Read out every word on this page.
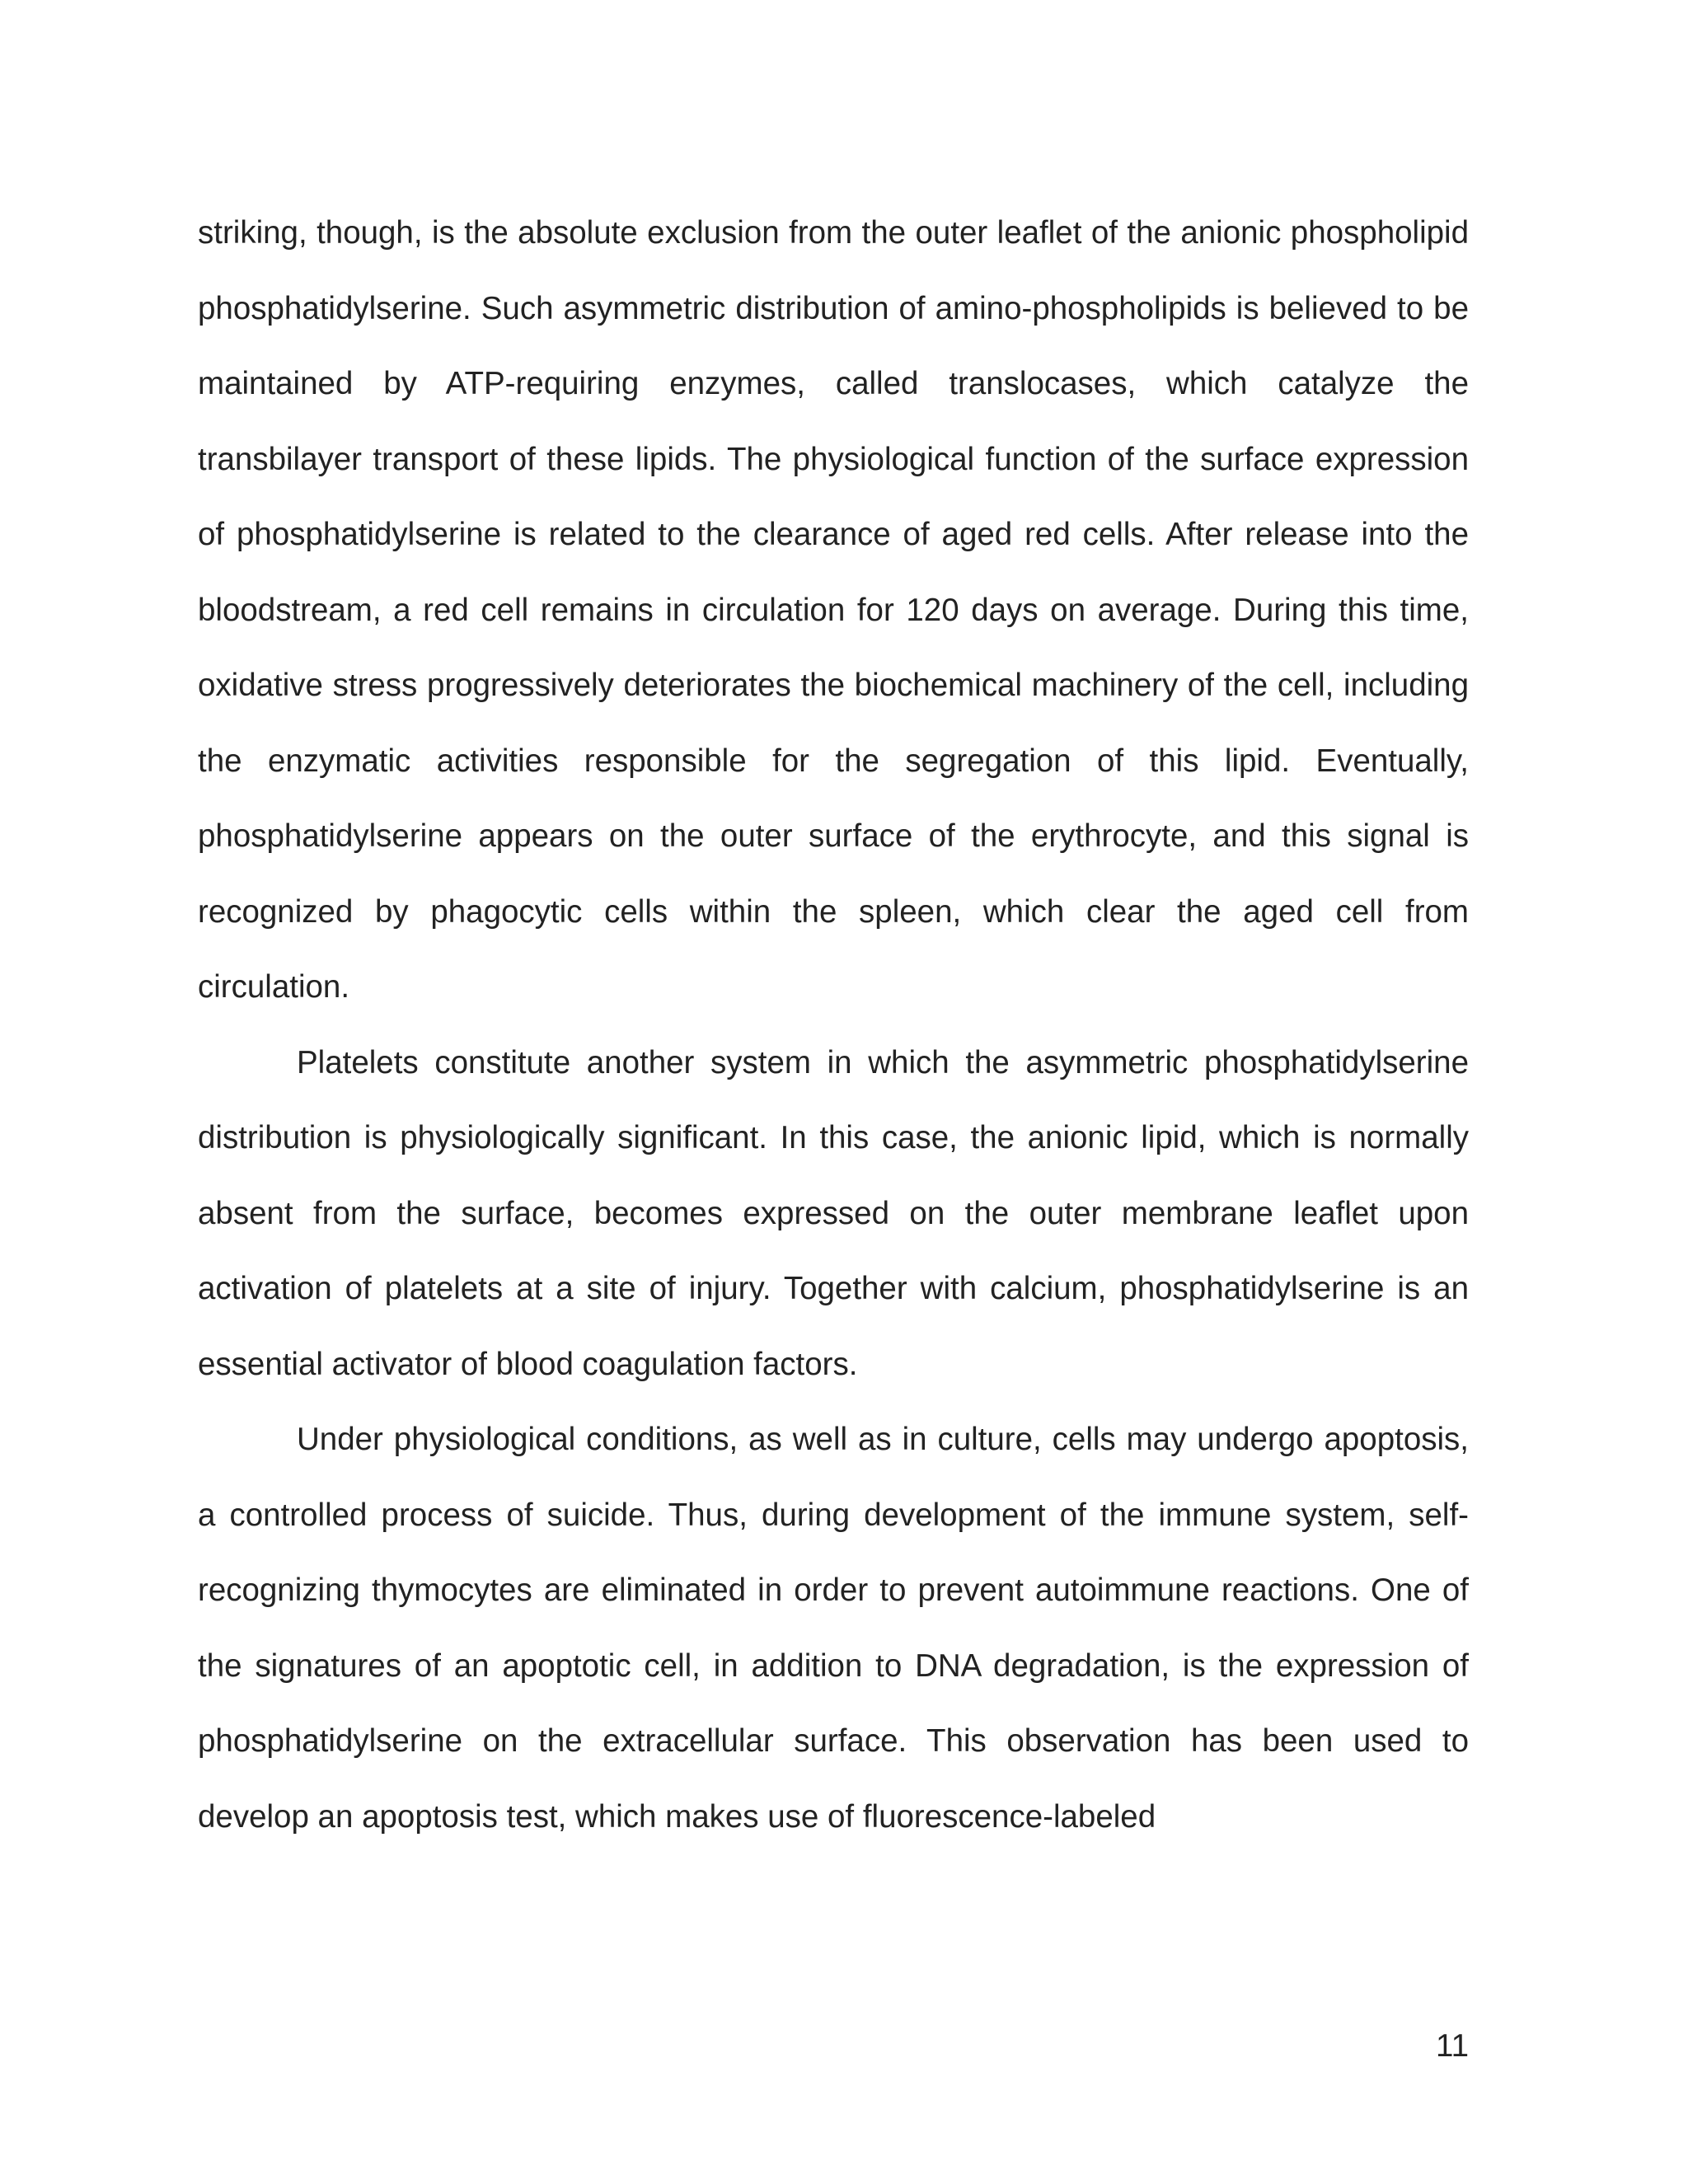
striking, though, is the absolute exclusion from the outer leaflet of the anionic phospholipid phosphatidylserine. Such asymmetric distribution of amino-phospholipids is believed to be maintained by ATP-requiring enzymes, called translocases, which catalyze the transbilayer transport of these lipids. The physiological function of the surface expression of phosphatidylserine is related to the clearance of aged red cells. After release into the bloodstream, a red cell remains in circulation for 120 days on average. During this time, oxidative stress progressively deteriorates the biochemical machinery of the cell, including the enzymatic activities responsible for the segregation of this lipid. Eventually, phosphatidylserine appears on the outer surface of the erythrocyte, and this signal is recognized by phagocytic cells within the spleen, which clear the aged cell from circulation.

Platelets constitute another system in which the asymmetric phosphatidylserine distribution is physiologically significant. In this case, the anionic lipid, which is normally absent from the surface, becomes expressed on the outer membrane leaflet upon activation of platelets at a site of injury. Together with calcium, phosphatidylserine is an essential activator of blood coagulation factors.

Under physiological conditions, as well as in culture, cells may undergo apoptosis, a controlled process of suicide. Thus, during development of the immune system, self-recognizing thymocytes are eliminated in order to prevent autoimmune reactions. One of the signatures of an apoptotic cell, in addition to DNA degradation, is the expression of phosphatidylserine on the extracellular surface. This observation has been used to develop an apoptosis test, which makes use of fluorescence-labeled

11
